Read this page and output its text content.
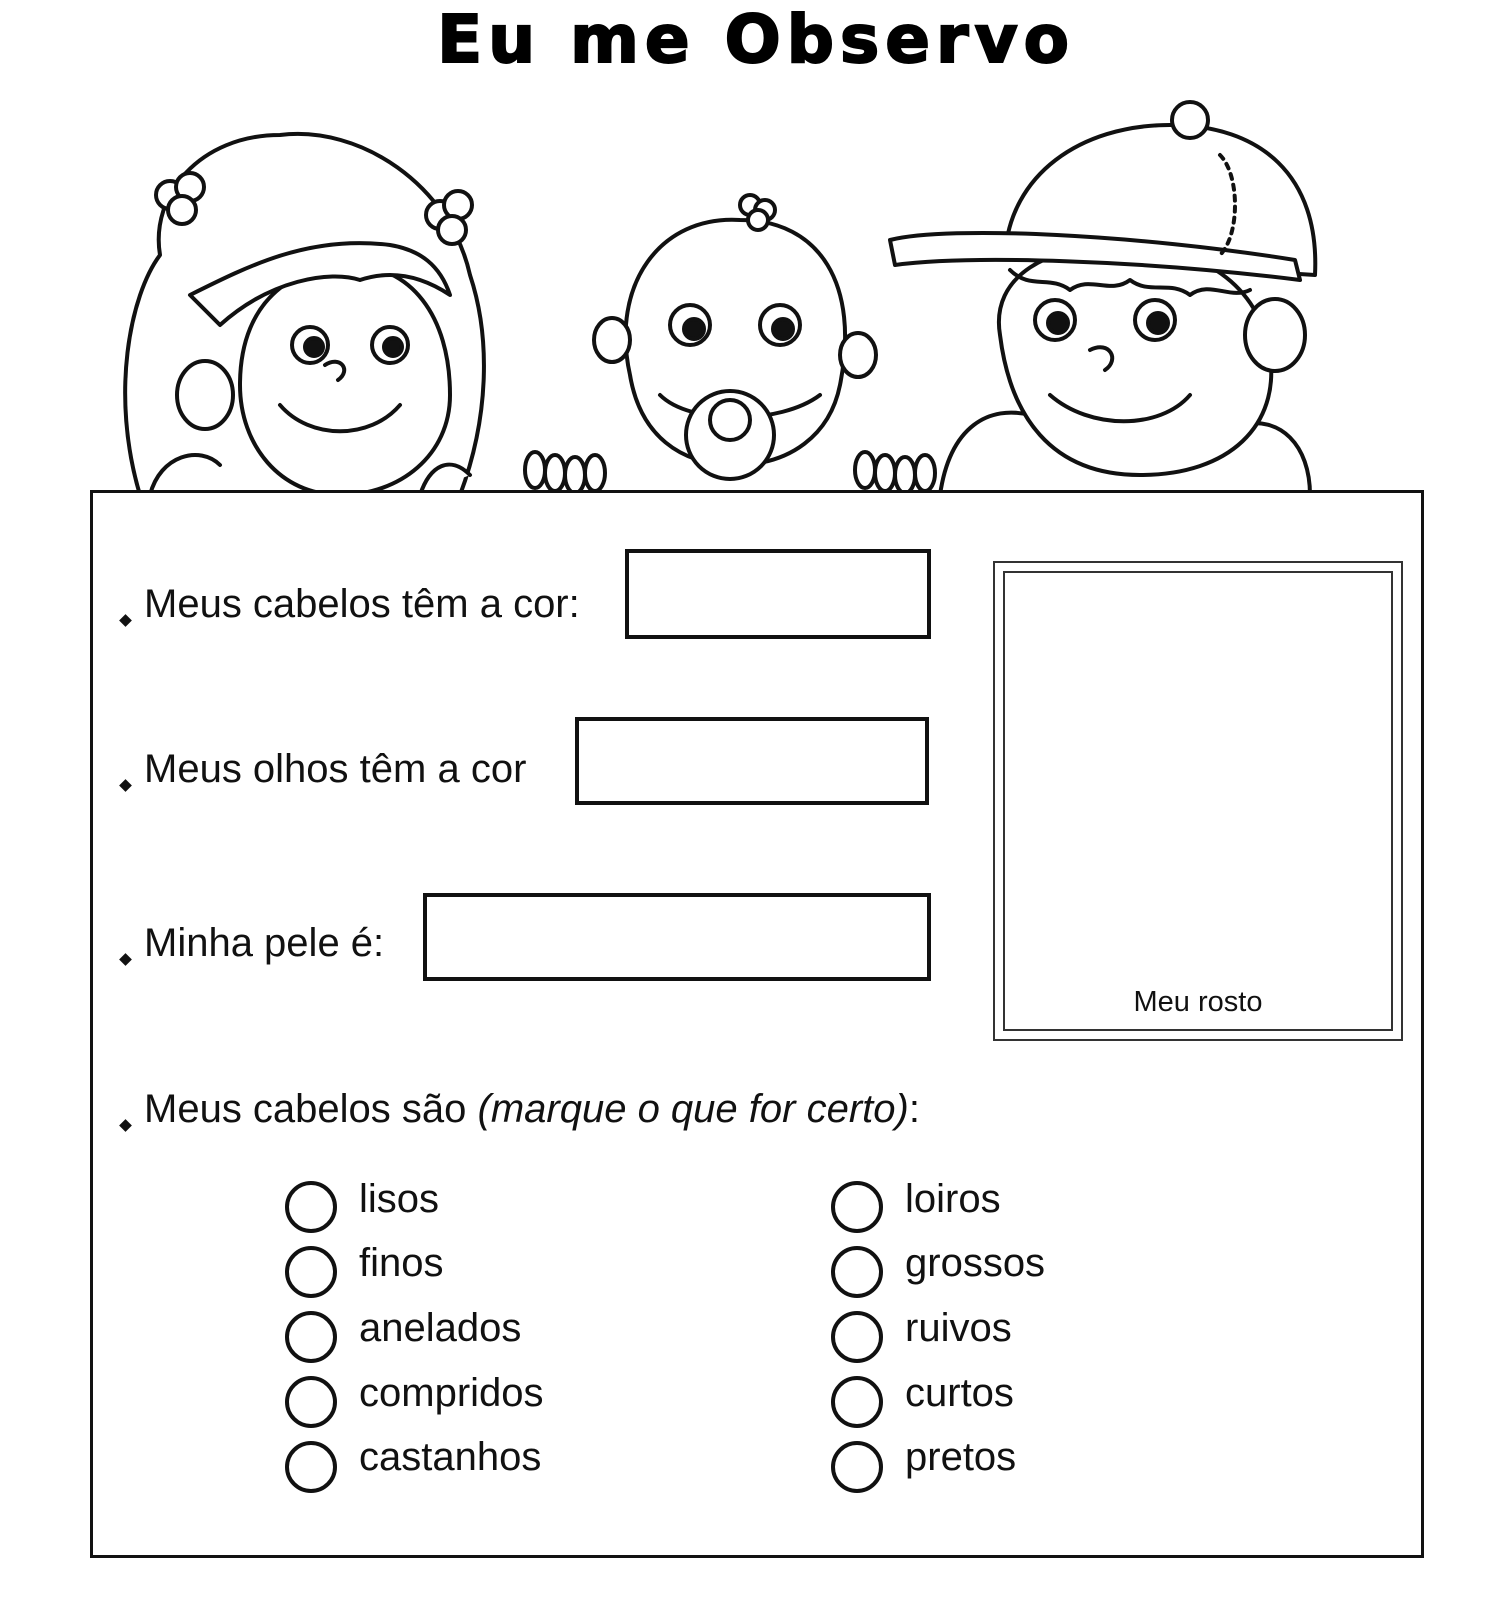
Eu me Observo
Meus cabelos têm a cor:
Meus olhos têm a cor
Minha pele é:
Meu rosto
Meus cabelos são (marque o que for certo):
lisos
finos
anelados
compridos
castanhos
loiros
grossos
ruivos
curtos
pretos
